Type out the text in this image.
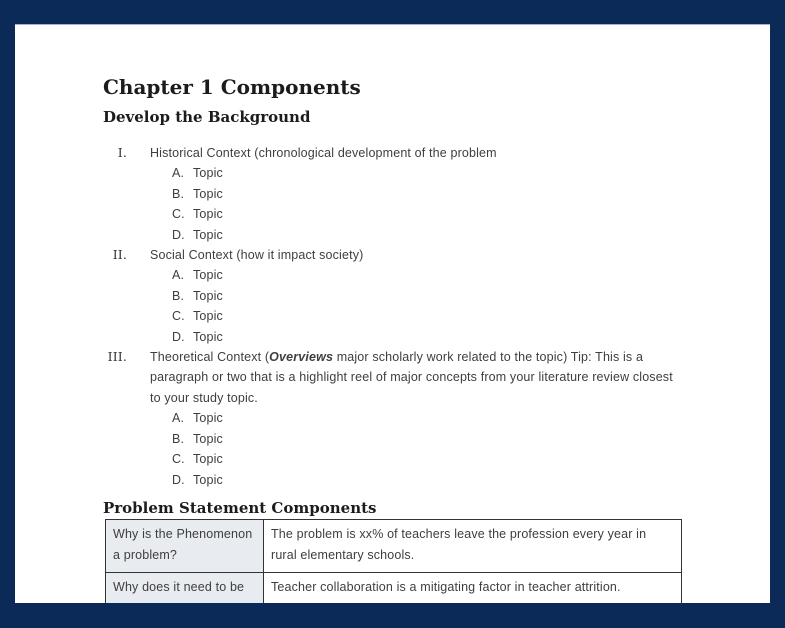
Chapter 1 Components
Develop the Background
I. Historical Context (chronological development of the problem
A. Topic
B. Topic
C. Topic
D. Topic
II. Social Context (how it impact society)
A. Topic
B. Topic
C. Topic
D. Topic
III. Theoretical Context (Overviews major scholarly work related to the topic) Tip: This is a
paragraph or two that is a highlight reel of major concepts from your literature review closest
to your study topic.
A. Topic
B. Topic
C. Topic
D. Topic
Problem Statement Components
Why is the Phenomenon a problem?	The problem is xx% of teachers leave the profession every year in rural elementary schools.
Why does it need to be	Teacher collaboration is a mitigating factor in teacher attrition.
